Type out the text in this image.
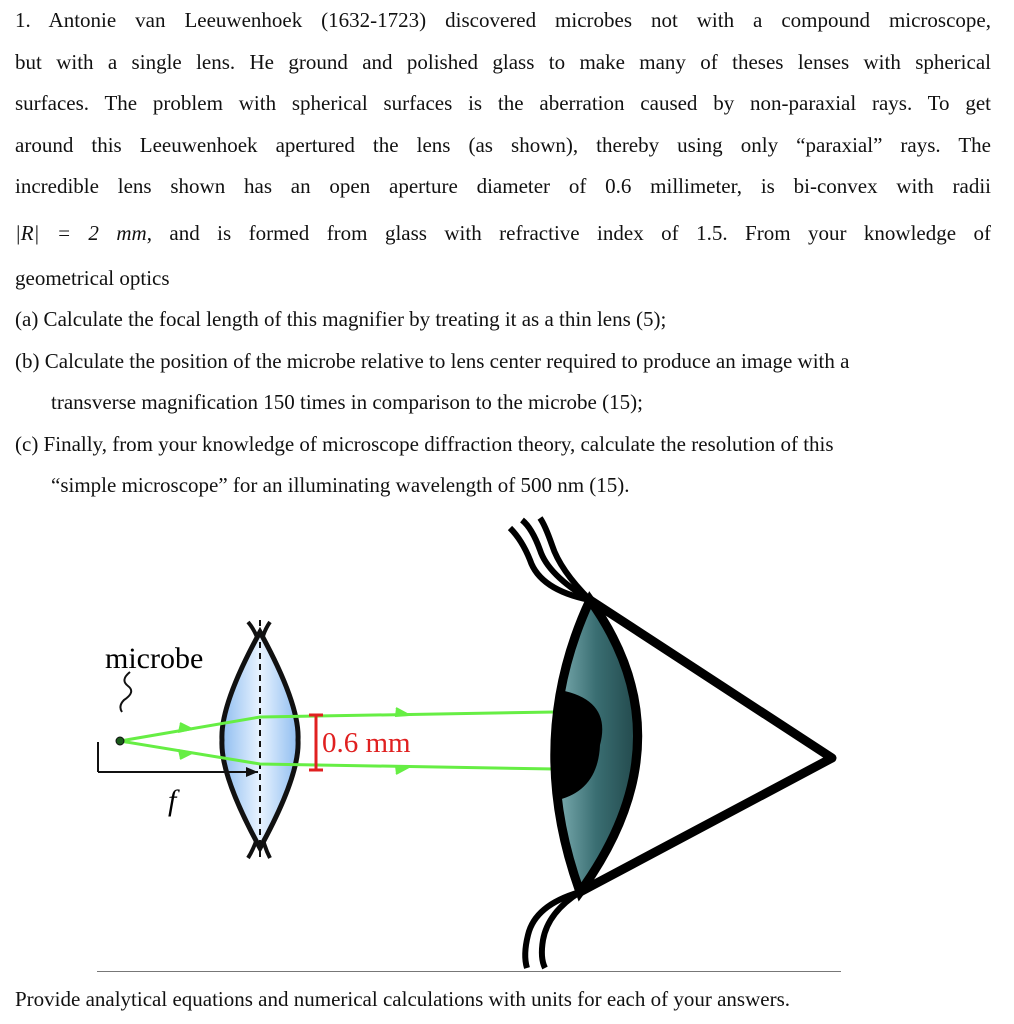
1. Antonie van Leeuwenhoek (1632-1723) discovered microbes not with a compound microscope,

but with a single lens. He ground and polished glass to make many of theses lenses with spherical

surfaces. The problem with spherical surfaces is the aberration caused by non-paraxial rays. To get

around this Leeuwenhoek apertured the lens (as shown), thereby using only “paraxial” rays. The

incredible lens shown has an open aperture diameter of 0.6 millimeter, is bi-convex with radii

|R| = 2 mm, and is formed from glass with refractive index of 1.5. From your knowledge of

geometrical optics

(a) Calculate the focal length of this magnifier by treating it as a thin lens (5);

(b) Calculate the position of the microbe relative to lens center required to produce an image with a

transverse magnification 150 times in comparison to the microbe (15);

(c) Finally, from your knowledge of microscope diffraction theory, calculate the resolution of this

“simple microscope” for an illuminating wavelength of 500 nm (15).

microbe
f
0.6 mm
Provide analytical equations and numerical calculations with units for each of your answers.
